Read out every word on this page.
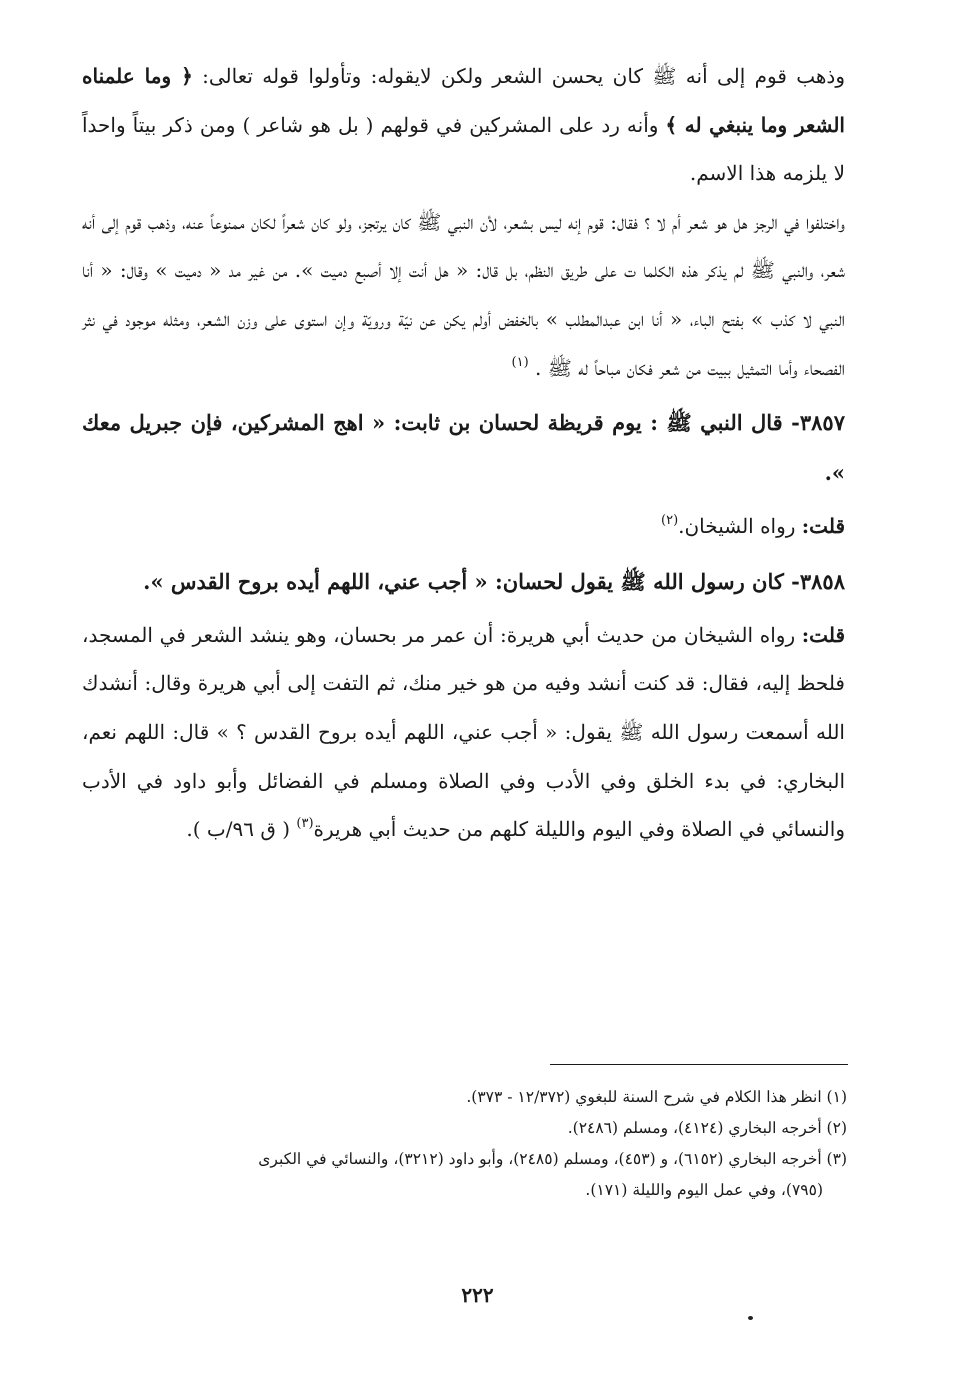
وذهب قوم إلى أنه ﷺ كان يحسن الشعر ولكن لايقوله: وتأولوا قوله تعالى: ﴿ وما علمناه الشعر وما ينبغي له ﴾ وأنه رد على المشركين في قولهم ( بل هو شاعر ) ومن ذكر بيتاً واحداً لا يلزمه هذا الاسم.

واختلفوا في الرجز هل هو شعر أم لا ؟ فقال: قوم إنه ليس بشعر، لأن النبي ﷺ كان يرتجز، ولو كان شعراً لكان ممنوعاً عنه، وذهب قوم إلى أنه شعر، والنبي ﷺ لم يذكر هذه الكلما ت على طريق النظم، بل قال: « هل أنت إلا أصبع دميت ». من غير مد « دميت » وقال: « أنا النبي لا كذب » بفتح الباء، « أنا ابن عبدالمطلب » بالخفض أولم يكن عن نيّة ورويّة وإن استوى على وزن الشعر، ومثله موجود في نثر الفصحاء وأما التمثيل ببيت من شعر فكان مباحاً له ﷺ . $^{(١)}$

٣٨٥٧- قال النبي ﷺ : يوم قريظة لحسان بن ثابت: « اهج المشركين، فإن جبريل معك ».

قلت: رواه الشيخان.$^{(٢)}$

٣٨٥٨- كان رسول الله ﷺ يقول لحسان: « أجب عني، اللهم أيده بروح القدس ».

قلت: رواه الشيخان من حديث أبي هريرة: أن عمر مر بحسان، وهو ينشد الشعر في المسجد، فلحظ إليه، فقال: قد كنت أنشد وفيه من هو خير منك، ثم التفت إلى أبي هريرة وقال: أنشدك الله أسمعت رسول الله ﷺ يقول: « أجب عني، اللهم أيده بروح القدس ؟ » قال: اللهم نعم، البخاري: في بدء الخلق وفي الأدب وفي الصلاة ومسلم في الفضائل وأبو داود في الأدب والنسائي في الصلاة وفي اليوم والليلة كلهم من حديث أبي هريرة$^{(٣)}$ ( ق ٩٦/ب ).

(١) انظر هذا الكلام في شرح السنة للبغوي (١٢/٣٧٢ - ٣٧٣).

(٢) أخرجه البخاري (٤١٢٤)، ومسلم (٢٤٨٦).

(٣) أخرجه البخاري (٦١٥٢)، و (٤٥٣)، ومسلم (٢٤٨٥)، وأبو داود (٣٢١٢)، والنسائي في الكبرى

(٧٩٥)، وفي عمل اليوم والليلة (١٧١).

٢٢٢
